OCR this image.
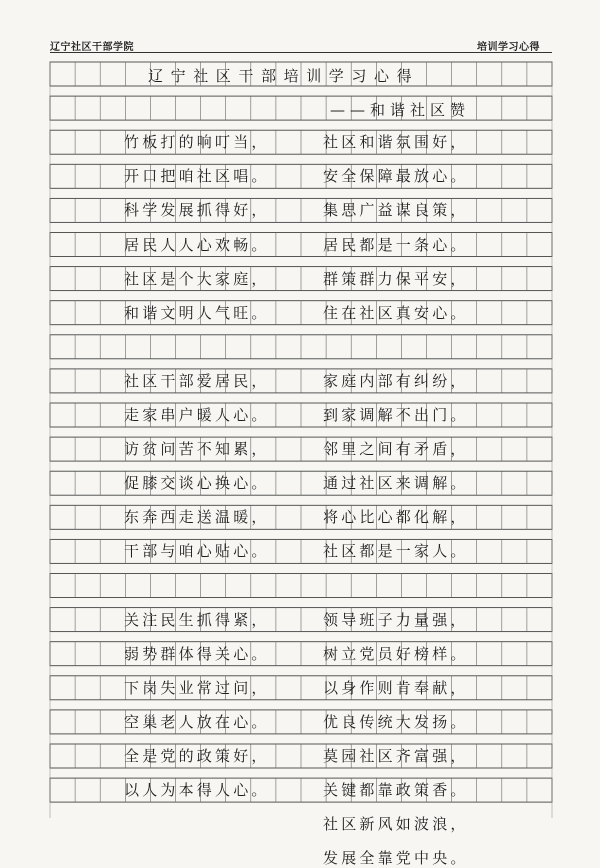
辽宁社区干部学院	培训学习心得
辽宁社区干部培训学习心得
——和谐社区赞
竹板打的响叮当，	社区和谐氛围好，
开口把咱社区唱。	安全保障最放心。
科学发展抓得好，	集思广益谋良策，
居民人人心欢畅。	居民都是一条心。
社区是个大家庭，	群策群力保平安，
和谐文明人气旺。	住在社区真安心。
社区干部爱居民，	家庭内部有纠纷，
走家串户暖人心。	到家调解不出门。
访贫问苦不知累，	邻里之间有矛盾，
促膝交谈心换心。	通过社区来调解。
东奔西走送温暖，	将心比心都化解，
干部与咱心贴心。	社区都是一家人。
关注民生抓得紧，	领导班子力量强，
弱势群体得关心。	树立党员好榜样。
下岗失业常过问，	以身作则肯奉献，
空巢老人放在心。	优良传统大发扬。
全是党的政策好，	莫园社区齐富强，
以人为本得人心。	关键都靠政策香。
社区新风如波浪，
发展全靠党中央。
